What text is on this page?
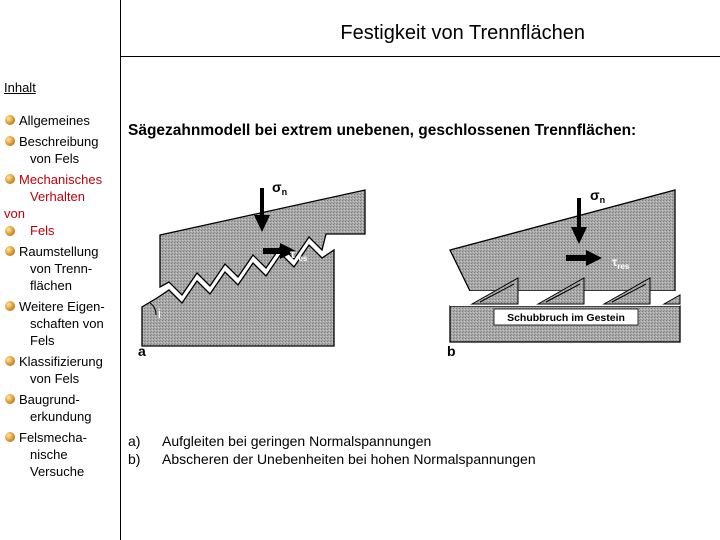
Festigkeit von Trennflächen
Inhalt
Allgemeines
Beschreibung
von Fels
Mechanisches
Verhalten
von
Fels
Raumstellung
von Trenn-
flächen
Weitere Eigen-
schaften von
Fels
Klassifizierung
von Fels
Baugrund-
erkundung
Felsmecha-
nische
Versuche
Sägezahnmodell bei extrem unebenen, geschlossenen Trennflächen:
$\sigma_n$
$\tau_{res}$
i
a
$\sigma_n$
$\tau_{res}$
Schubbruch im Gestein
b
a)	Aufgleiten bei geringen Normalspannungen
b)	Abscheren der Unebenheiten bei hohen Normalspannungen
